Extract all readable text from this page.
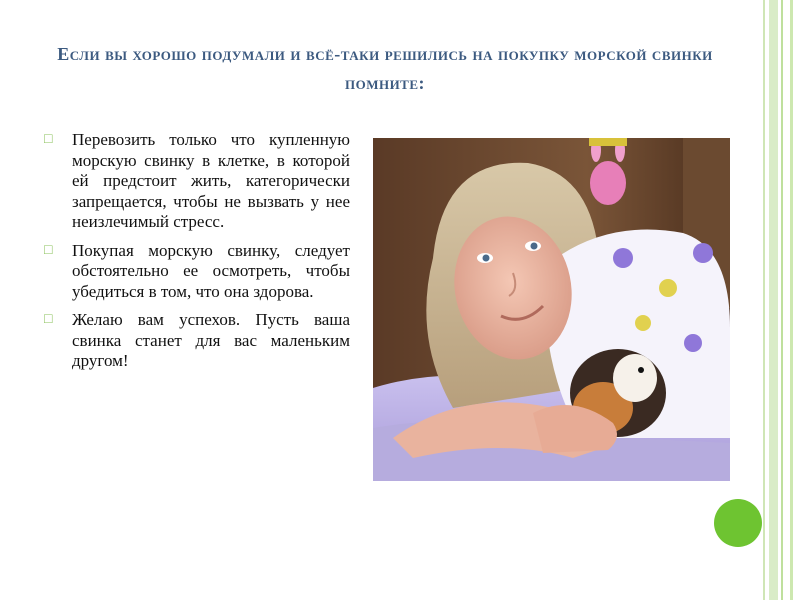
Если вы хорошо подумали и всё-таки решились на покупку морской свинки помните:
□ Перевозить только что купленную морскую свинку в клетке, в которой ей предстоит жить, категорически запрещается, чтобы не вызвать у нее неизлечимый стресс.
□ Покупая морскую свинку, следует обстоятельно ее осмотреть, чтобы убедиться в том, что она здорова.
□ Желаю вам успехов. Пусть ваша свинка станет для вас маленьким другом!
